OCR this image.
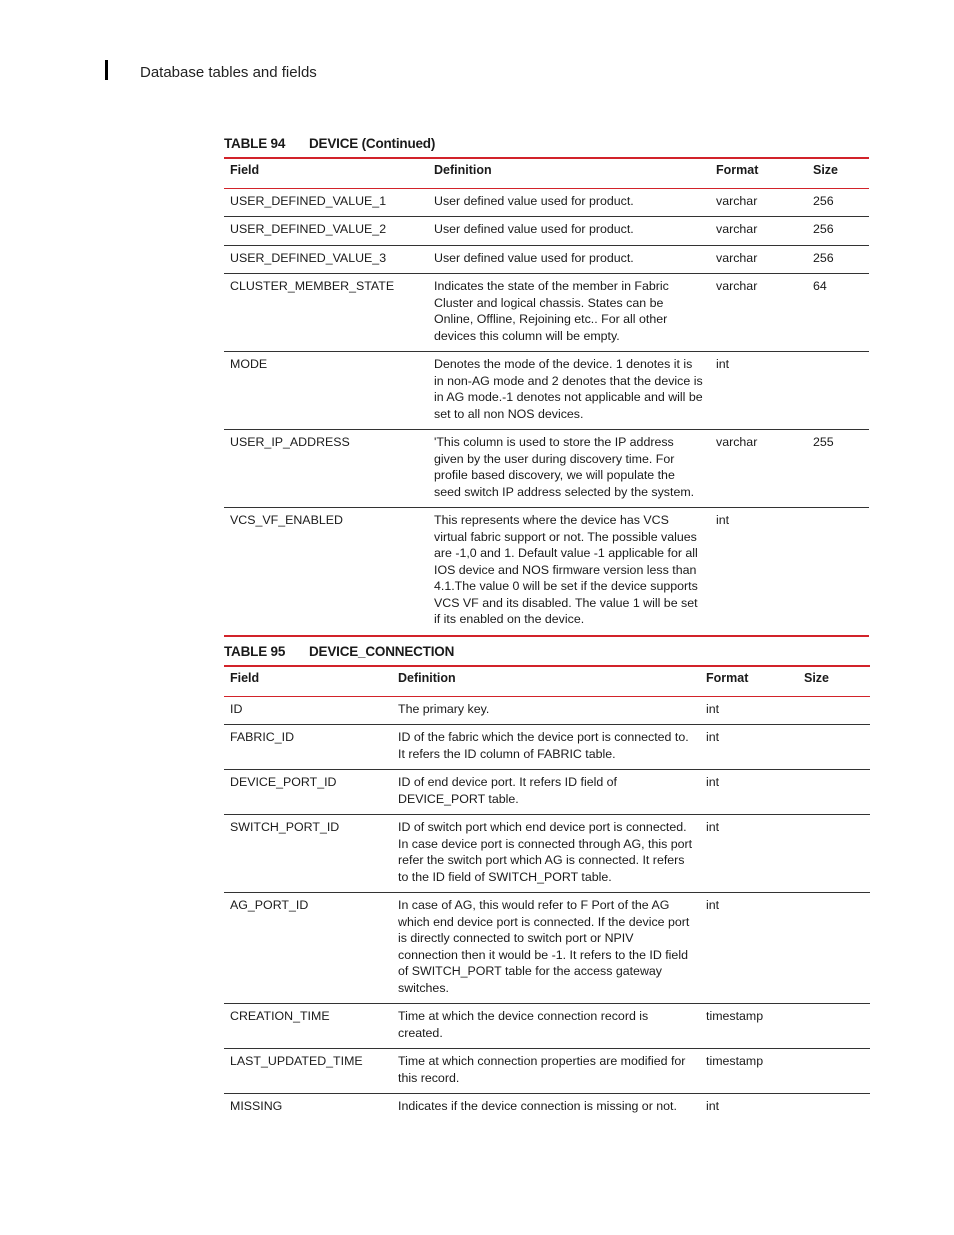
Database tables and fields
TABLE 94 DEVICE (Continued)
Field	Definition	Format	Size
USER_DEFINED_VALUE_1	User defined value used for product.	varchar	256
USER_DEFINED_VALUE_2	User defined value used for product.	varchar	256
USER_DEFINED_VALUE_3	User defined value used for product.	varchar	256
CLUSTER_MEMBER_STATE	Indicates the state of the member in Fabric Cluster and logical chassis. States can be Online, Offline, Rejoining etc.. For all other devices this column will be empty.	varchar	64
MODE	Denotes the mode of the device. 1 denotes it is in non-AG mode and 2 denotes that the device is in AG mode.-1 denotes not applicable and will be set to all non NOS devices.	int	
USER_IP_ADDRESS	'This column is used to store the IP address given by the user during discovery time. For profile based discovery, we will populate the seed switch IP address selected by the system.	varchar	255
VCS_VF_ENABLED	This represents where the device has VCS virtual fabric support or not. The possible values are -1,0 and 1. Default value -1 applicable for all IOS device and NOS firmware version less than 4.1.The value 0 will be set if the device supports VCS VF and its disabled. The value 1 will be set if its enabled on the device.	int	
TABLE 95 DEVICE_CONNECTION
Field	Definition	Format	Size
ID	The primary key.	int	
FABRIC_ID	ID of the fabric which the device port is connected to. It refers the ID column of FABRIC table.	int	
DEVICE_PORT_ID	ID of end device port. It refers ID field of DEVICE_PORT table.	int	
SWITCH_PORT_ID	ID of switch port which end device port is connected. In case device port is connected through AG, this port refer the switch port which AG is connected. It refers to the ID field of SWITCH_PORT table.	int	
AG_PORT_ID	In case of AG, this would refer to F Port of the AG which end device port is connected. If the device port is directly connected to switch port or NPIV connection then it would be -1. It refers to the ID field of SWITCH_PORT table for the access gateway switches.	int	
CREATION_TIME	Time at which the device connection record is created.	timestamp	
LAST_UPDATED_TIME	Time at which connection properties are modified for this record.	timestamp	
MISSING	Indicates if the device connection is missing or not.	int	
